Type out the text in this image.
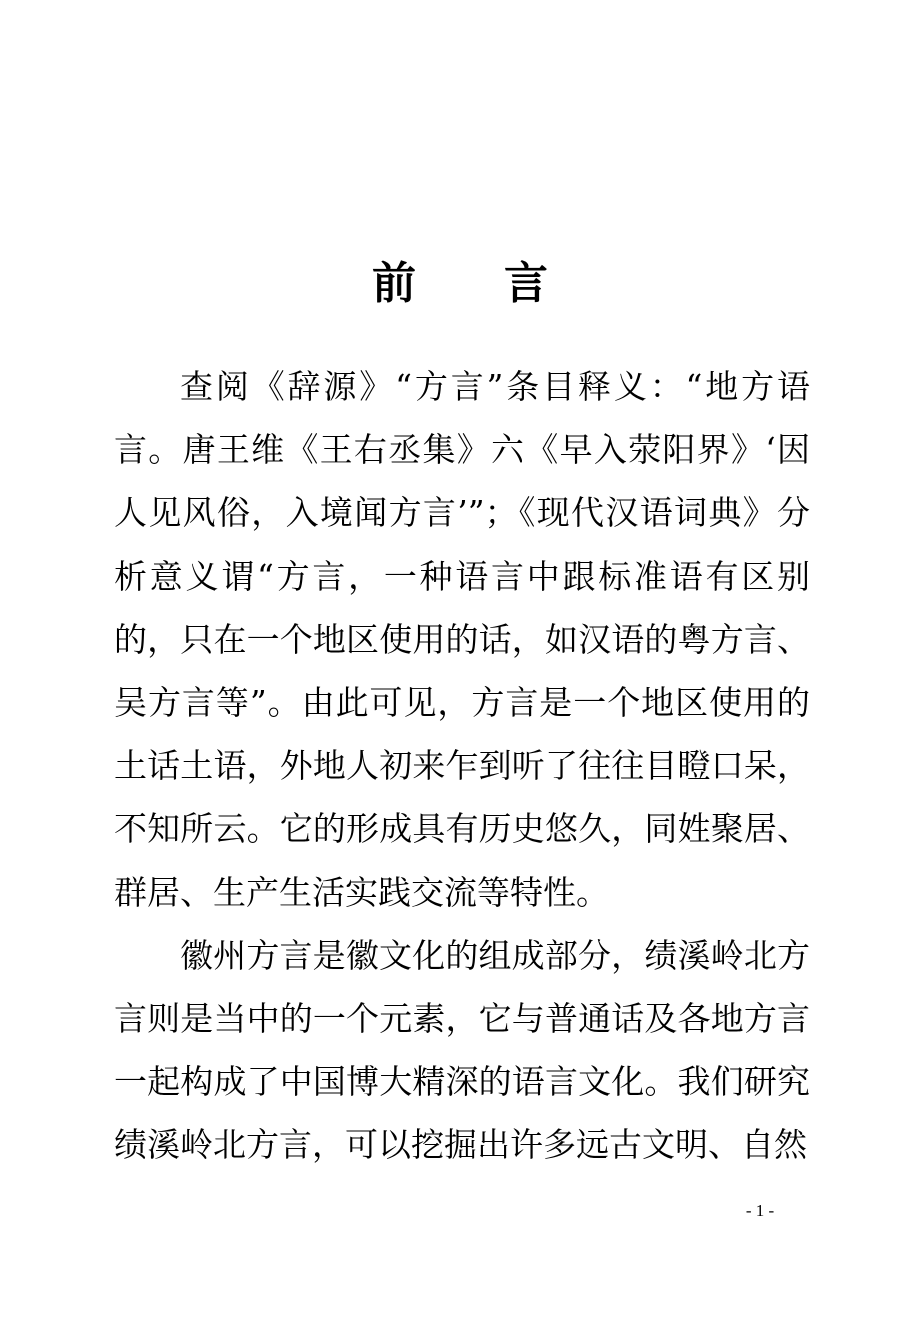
前 言

查阅《辞源》“方言”条目释义：“地方语言。唐王维《王右丞集》六《早入荥阳界》‘因人见风俗，入境闻方言’”；《现代汉语词典》分析意义谓“方言，一种语言中跟标准语有区别的，只在一个地区使用的话，如汉语的粤方言、吴方言等”。由此可见，方言是一个地区使用的土话土语，外地人初来乍到听了往往目瞪口呆，不知所云。它的形成具有历史悠久，同姓聚居、群居、生产生活实践交流等特性。

徽州方言是徽文化的组成部分，绩溪岭北方言则是当中的一个元素，它与普通话及各地方言一起构成了中国博大精深的语言文化。我们研究绩溪岭北方言，可以挖掘出许多远古文明、自然

- 1 -
